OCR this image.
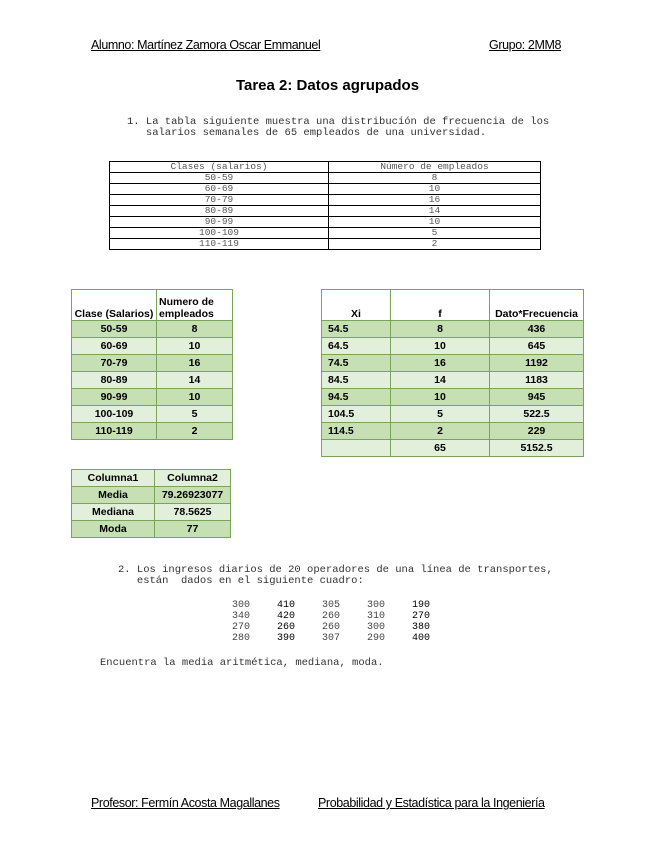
Alumno: Martínez Zamora Oscar Emmanuel	Grupo: 2MM8
Tarea 2: Datos agrupados
1. La tabla siguiente muestra una distribución de frecuencia de los
salarios semanales de 65 empleados de una universidad.
Clases (salarios)	Número de empleados
50-59	8
60-69	10
70-79	16
80-89	14
90-99	10
100-109	5
110-119	2
Clase (Salarios)	Numero de empleados
50-59	8
60-69	10
70-79	16
80-89	14
90-99	10
100-109	5
110-119	2
Xi	f	Dato*Frecuencia
54.5	8	436
64.5	10	645
74.5	16	1192
84.5	14	1183
94.5	10	945
104.5	5	522.5
114.5	2	229
	65	5152.5
Columna1	Columna2
Media	79.26923077
Mediana	78.5625
Moda	77
2. Los ingresos diarios de 20 operadores de una línea de transportes,
están  dados en el siguiente cuadro:
300	410	305	300	190
340	420	260	310	270
270	260	260	300	380
280	390	307	290	400
Encuentra la media aritmética, mediana, moda.
Profesor: Fermín Acosta Magallanes	Probabilidad y Estadística para la Ingeniería
